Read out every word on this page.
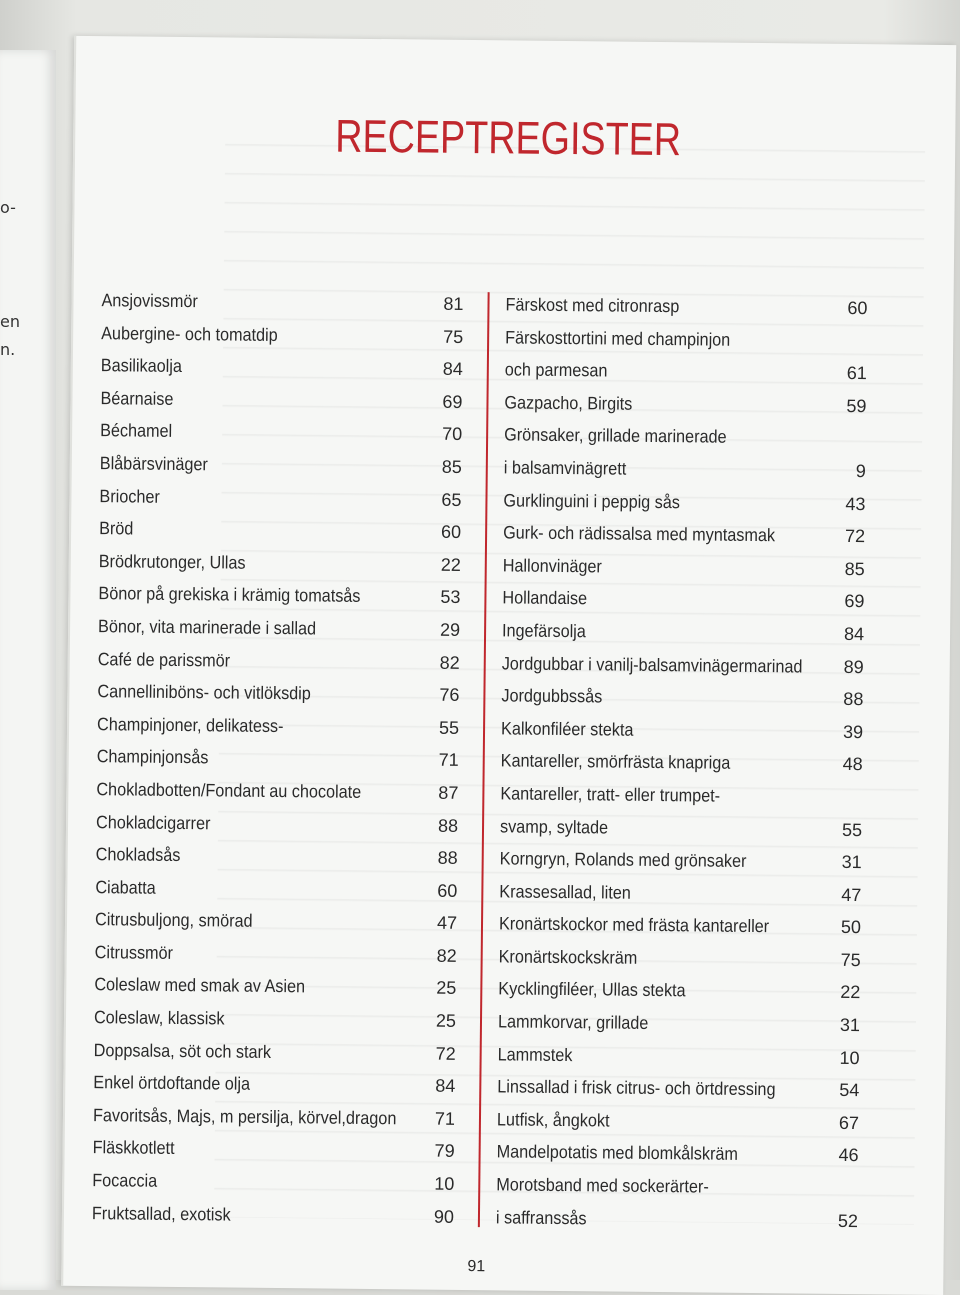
o-
en
n.
RECEPTREGISTER
Ansjovissmör	81
Aubergine- och tomatdip	75
Basilikaolja	84
Béarnaise	69
Béchamel	70
Blåbärsvinäger	85
Briocher	65
Bröd	60
Brödkrutonger, Ullas	22
Bönor på grekiska i krämig tomatsås	53
Bönor, vita marinerade i sallad	29
Café de parissmör	82
Cannelliniböns- och vitlöksdip	76
Champinjoner, delikatess-	55
Champinjonsås	71
Chokladbotten/Fondant au chocolate	87
Chokladcigarrer	88
Chokladsås	88
Ciabatta	60
Citrusbuljong, smörad	47
Citrussmör	82
Coleslaw med smak av Asien	25
Coleslaw, klassisk	25
Doppsalsa, söt och stark	72
Enkel örtdoftande olja	84
Favoritsås, Majs, m persilja, körvel,dragon 71
Fläskkotlett	79
Focaccia	10
Fruktsallad, exotisk	90
Färskost med citronrasp	60
Färskosttortini med champinjon
och parmesan	61
Gazpacho, Birgits	59
Grönsaker, grillade marinerade
i balsamvinägrett	9
Gurklinguini i peppig sås	43
Gurk- och rädissalsa med myntasmak	72
Hallonvinäger	85
Hollandaise	69
Ingefärsolja	84
Jordgubbar i vanilj-balsamvinägermarinad 89
Jordgubbssås	88
Kalkonfiléer stekta	39
Kantareller, smörfrästa knapriga	48
Kantareller, tratt- eller trumpet-
svamp, syltade	55
Korngryn, Rolands med grönsaker	31
Krassesallad, liten	47
Kronärtskockor med frästa kantareller	50
Kronärtskockskräm	75
Kycklingfiléer, Ullas stekta	22
Lammkorvar, grillade	31
Lammstek	10
Linssallad i frisk citrus- och örtdressing	54
Lutfisk, ångkokt	67
Mandelpotatis med blomkålskräm	46
Morotsband med sockerärter-
i saffranssås	52
91
